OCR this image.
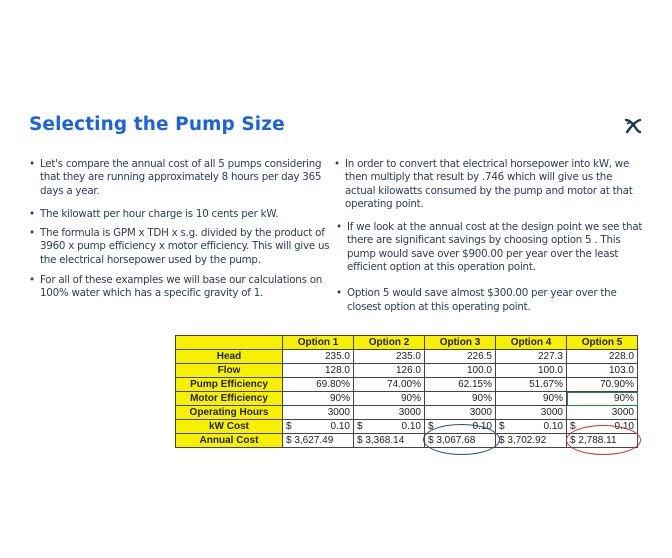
Selecting the Pump Size
• Let's compare the annual cost of all 5 pumps considering that they are running approximately 8 hours per day 365 days a year.
• The kilowatt per hour charge is 10 cents per kW.
• The formula is GPM x TDH x s.g. divided by the product of 3960 x pump efficiency x motor efficiency. This will give us the electrical horsepower used by the pump.
• For all of these examples we will base our calculations on 100% water which has a specific gravity of 1.
• In order to convert that electrical horsepower into kW, we then multiply that result by .746 which will give us the actual kilowatts consumed by the pump and motor at that operating point.
• If we look at the annual cost at the design point we see that there are significant savings by choosing option 5 . This pump would save over $900.00 per year over the least efficient option at this operation point.
• Option 5 would save almost $300.00 per year over the closest option at this operating point.
	Option 1	Option 2	Option 3	Option 4	Option 5
Head	235.0	235.0	226.5	227.3	228.0
Flow	128.0	126.0	100.0	100.0	103.0
Pump Efficiency	69.80%	74.00%	62.15%	51.67%	70.90%
Motor Efficiency	90%	90%	90%	90%	90%
Operating Hours	3000	3000	3000	3000	3000
kW Cost	$ 0.10	$ 0.10	$ 0.10	$ 0.10	$ 0.10

Annual Cost	$ 3,627.49	$ 3,368.14	$ 3,067.68	$ 3,702.92	$ 2,788.11
